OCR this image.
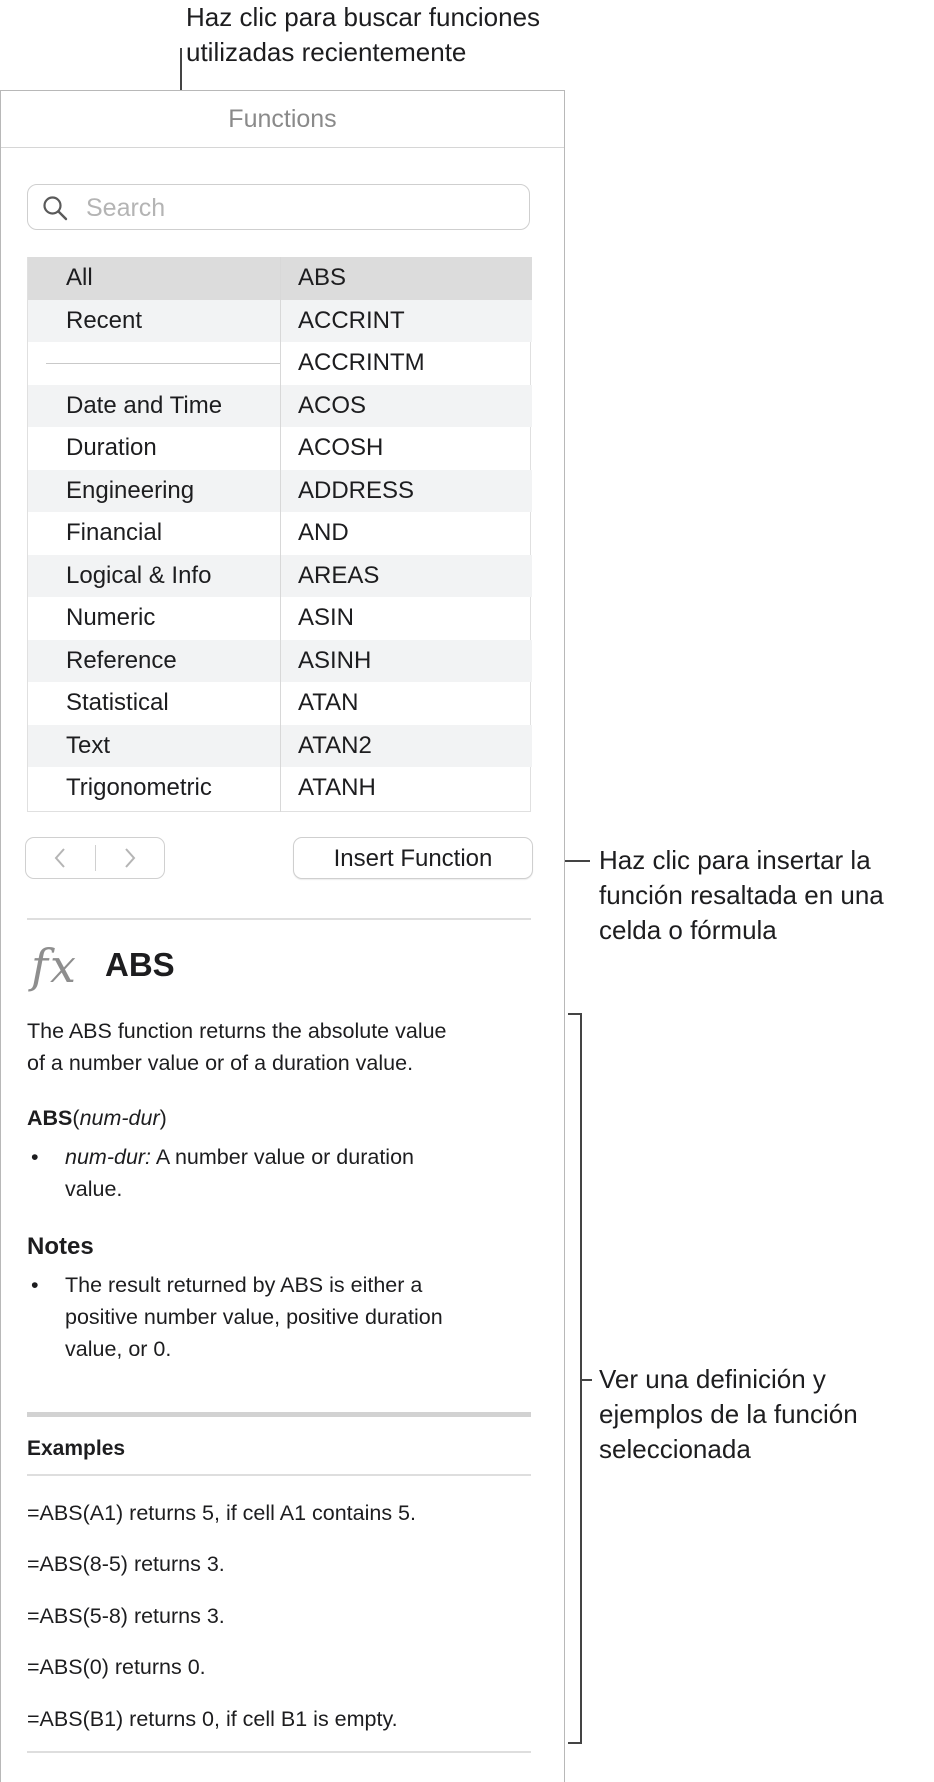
Haz clic para buscar funciones
utilizadas recientemente
Haz clic para insertar la
función resaltada en una
celda o fórmula
Ver una definición y
ejemplos de la función
seleccionada
Functions
Search
All
Recent
Date and Time
Duration
Engineering
Financial
Logical & Info
Numeric
Reference
Statistical
Text
Trigonometric
ABS
ACCRINT
ACCRINTM
ACOS
ACOSH
ADDRESS
AND
AREAS
ASIN
ASINH
ATAN
ATAN2
ATANH
Insert Function
fx ABS
The ABS function returns the absolute value
of a number value or of a duration value.
ABS(num-dur)
• num-dur: A number value or duration
value.
Notes
• The result returned by ABS is either a
positive number value, positive duration
value, or 0.
Examples
=ABS(A1) returns 5, if cell A1 contains 5.
=ABS(8-5) returns 3.
=ABS(5-8) returns 3.
=ABS(0) returns 0.
=ABS(B1) returns 0, if cell B1 is empty.
